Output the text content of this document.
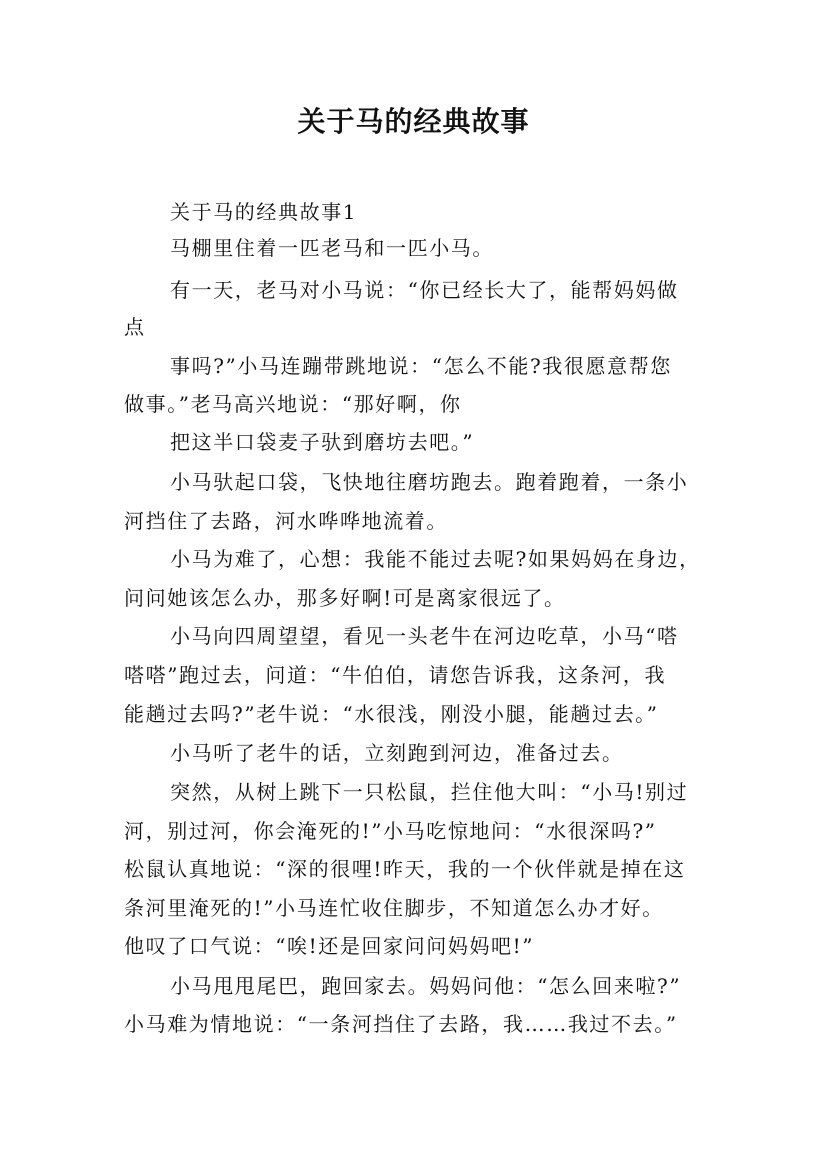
关于马的经典故事
关于马的经典故事1
马棚里住着一匹老马和一匹小马。
有一天，老马对小马说：“你已经长大了，能帮妈妈做
点
事吗?”小马连蹦带跳地说：“怎么不能?我很愿意帮您
做事。”老马高兴地说：“那好啊，你
把这半口袋麦子驮到磨坊去吧。”
小马驮起口袋，飞快地往磨坊跑去。跑着跑着，一条小
河挡住了去路，河水哗哗地流着。
小马为难了，心想：我能不能过去呢?如果妈妈在身边，
问问她该怎么办，那多好啊!可是离家很远了。
小马向四周望望，看见一头老牛在河边吃草，小马“嗒
嗒嗒”跑过去，问道：“牛伯伯，请您告诉我，这条河，我
能趟过去吗?”老牛说：“水很浅，刚没小腿，能趟过去。”
小马听了老牛的话，立刻跑到河边，准备过去。
突然，从树上跳下一只松鼠，拦住他大叫：“小马!别过
河，别过河，你会淹死的!”小马吃惊地问：“水很深吗?”
松鼠认真地说：“深的很哩!昨天，我的一个伙伴就是掉在这
条河里淹死的!”小马连忙收住脚步，不知道怎么办才好。
他叹了口气说：“唉!还是回家问问妈妈吧!”
小马甩甩尾巴，跑回家去。妈妈问他：“怎么回来啦?”
小马难为情地说：“一条河挡住了去路，我……我过不去。”
